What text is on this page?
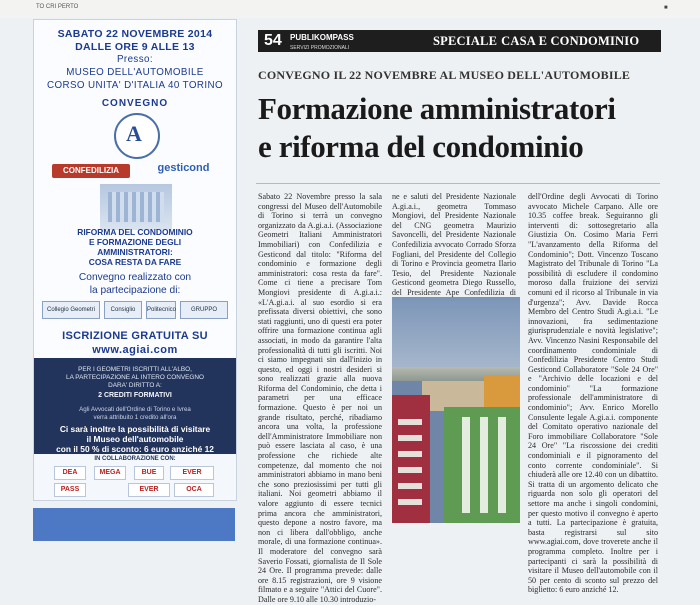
TO CRI PERTO	■
SABATO 22 NOVEMBRE 2014
DALLE ORE 9 ALLE 13
Presso:
MUSEO DELL'AUTOMOBILE
CORSO UNITA' D'ITALIA 40 TORINO
CONVEGNO
A
CONFEDILIZIA	gesticond
RIFORMA DEL CONDOMINIO
E FORMAZIONE DEGLI
AMMINISTRATORI:
COSA RESTA DA FARE
Convegno realizzato con
la partecipazione di:
Collegio Geometri	Consiglio	Politecnico	GRUPPO
ISCRIZIONE GRATUITA SU
www.agiai.com
PER I GEOMETRI ISCRITTI ALL'ALBO,
LA PARTECIPAZIONE AL INTERO CONVEGNO
DARA' DIRITTO A:
2 CREDITI FORMATIVI
Agli Avvocati dell'Ordine di Torino e Ivrea
verra attribuito 1 credito all'ora
Ci sarà inoltre la possibilità di visitare
il Museo dell'automobile
con il 50 % di sconto: 6 euro anziché 12
IN COLLABORAZIONE CON:
DEA	MEGA	BUE	EVER
PASS	EVER	OCA
54 PUBLIKOMPASS
SERVIZI PROMOZIONALI	SPECIALE CASA E CONDOMINIO
CONVEGNO IL 22 NOVEMBRE AL MUSEO DELL'AUTOMOBILE
Formazione amministratori
e riforma del condominio

Sabato 22 Novembre presso la sala congressi del Museo dell'Automobile di Torino si terrà un convegno organizzato da A.gi.a.i. (Associazione Geometri Italiani Amministratori Immobiliari) con Confedilizia e Gesticond dal titolo: "Riforma del condominio e formazione degli amministratori: cosa resta da fare". Come ci tiene a precisare Tom Mongiovi presidente di A.gi.a.i.: «L'A.gi.a.i. al suo esordio si era prefissata diversi obiettivi, che sono stati raggiunti, uno di questi era poter offrire una formazione continua agli associati, in modo da garantire l'alta professionalità di tutti gli iscritti. Noi ci siamo impegnati sin dall'inizio in questo, ed oggi i nostri desideri si sono realizzati grazie alla nuova Riforma del Condominio, che detta i parametri per una efficace formazione. Questo è per noi un grande risultato, perché, ribadiamo ancora una volta, la professione dell'Amministratore Immobiliare non può essere lasciata al caso, è una professione che richiede alte competenze, dal momento che noi amministratori abbiamo in mano beni che sono preziosissimi per tutti gli italiani. Noi geometri abbiamo il valore aggiunto di essere tecnici prima ancora che amministratori, questo depone a nostro favore, ma non ci libera dall'obbligo, anche morale, di una formazione continua». Il moderatore del convegno sarà Saverio Fossati, giornalista de Il Sole 24 Ore. Il programma prevede: dalle ore 8.15 registrazioni, ore 9 visione filmato e a seguire "Attici del Cuore". Dalle ore 9.10 alle 10.30 introduzio-

ne e saluti del Presidente Nazionale A.gi.a.i., geometra Tommaso Mongiovi, del Presidente Nazionale del CNG geometra Maurizio Savoncelli, del Presidente Nazionale Confedilizia avvocato Corrado Sforza Fogliani, del Presidente del Collegio di Torino e Provincia geometra Ilario Tesio, del Presidente Nazionale Gesticond geometra Diego Russello, del Presidente Ape Confedilizia di

dell'Ordine degli Avvocati di Torino avvocato Michele Carpano. Alle ore 10.35 coffee break. Seguiranno gli interventi di: sottosegretario alla Giustizia On. Cosimo Maria Ferri "L'avanzamento della Riforma del Condominio"; Dott. Vincenzo Toscano Magistrato del Tribunale di Torino "La possibilità di escludere il condomino moroso dalla fruizione dei servizi comuni ed il ricorso al Tribunale in via d'urgenza"; Avv. Davide Rocca Membro del Centro Studi A.gi.a.i. "Le innovazioni, fra sedimentazione giurisprudenziale e novità legislative"; Avv. Vincenzo Nasini Responsabile del coordinamento condominiale di Confedilizia Presidente Centro Studi Gesticond Collaboratore "Sole 24 Ore" e "Archivio delle locazioni e del condominio" "La formazione professionale dell'amministratore di condominio"; Avv. Enrico Morello Consulente legale A.gi.a.i. componente del Comitato operativo nazionale del Foro immobiliare Collaboratore "Sole 24 Ore" "La riscossione dei crediti condominiali e il pignoramento del conto corrente condominiale". Si chiuderà alle ore 12.40 con un dibattito. Si tratta di un argomento delicato che riguarda non solo gli operatori del settore ma anche i singoli condomini, per questo motivo il convegno è aperto a tutti. La partecipazione è gratuita, basta registrarsi sul sito www.agiai.com, dove troverete anche il programma completo. Inoltre per i partecipanti ci sarà la possibilità di visitare il Museo dell'automobile con il 50 per cento di sconto sul prezzo del biglietto: 6 euro anziché 12.
